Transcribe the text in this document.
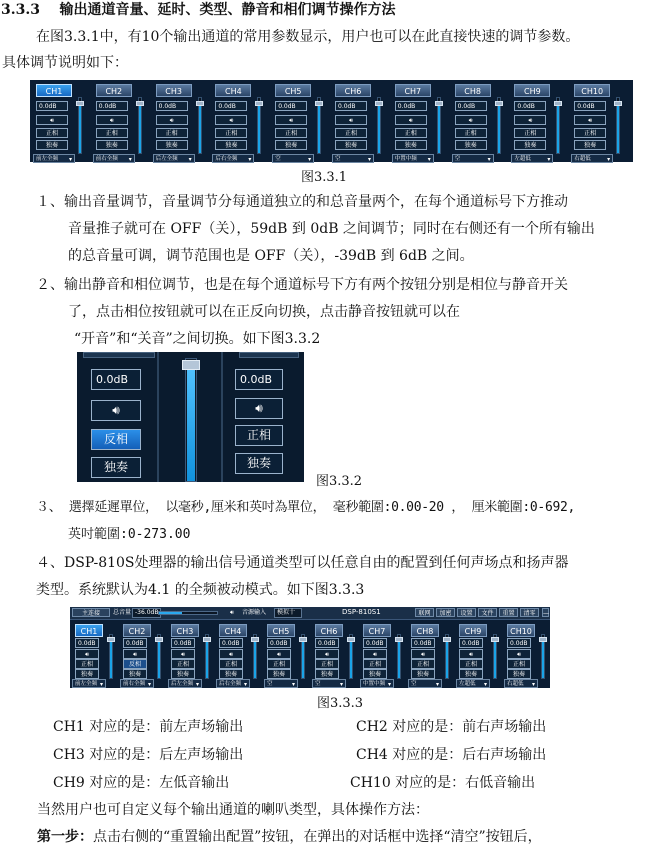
3.3.3 输出通道音量、延时、类型、静音和相们调节操作方法
在图3.3.1中，有10个输出通道的常用参数显示，用户也可以在此直接快速的调节参数。
具体调节说明如下：
CH1
0.0dB
🔊︎
正相
独奏
前左全频 ▾
CH2
0.0dB
🔊︎
正相
独奏
前右全频 ▾
CH3
0.0dB
🔊︎
正相
独奏
后左全频 ▾
CH4
0.0dB
🔊︎
正相
独奏
后右全频 ▾
CH5
0.0dB
🔊︎
正相
独奏
空 ▾
CH6
0.0dB
🔊︎
正相
独奏
空 ▾
CH7
0.0dB
🔊︎
正相
独奏
中置中频 ▾
CH8
0.0dB
🔊︎
正相
独奏
空 ▾
CH9
0.0dB
🔊︎
正相
独奏
左超低 ▾
CH10
0.0dB
🔊︎
正相
独奏
右超低 ▾
图3.3.1
１、输出音量调节，音量调节分每通道独立的和总音量两个，在每个通道标号下方推动
音量推子就可在 OFF（关），59dB 到 0dB 之间调节；同时在右侧还有一个所有输出
的总音量可调，调节范围也是 OFF（关），-39dB 到 6dB 之间。
２、输出静音和相位调节，也是在每个通道标号下方有两个按钮分别是相位与静音开关
了，点击相位按钮就可以在正反向切换，点击静音按钮就可以在
“开音”和“关音”之间切换。如下图3.3.2
0.0dB
🔊︎
反相
独奏
0.0dB
🔊︎
正相
独奏
图3.3.2
３、 選擇延遲單位， 以毫秒,厘米和英吋為單位， 毫秒範圍:0.00-20 ， 厘米範圍:0-692,
英吋範圍:0-273.00
４、DSP-810S处理器的输出信号通道类型可以任意自由的配置到任何声场点和扬声器
类型。系统默认为4.1 的全频被动模式。如下图3.3.3
主连接	总音量 -36.0dB	🔊︎ 音源输入	模拟十	DSP-810S1	联网	加密	设置	文件	重置	清零	—
CH1
0.0dB
🔊︎
正相
独奏
前左全频 ▾
CH2
0.0dB
🔊︎
反相
独奏
前右全频 ▾
CH3
0.0dB
🔊︎
正相
独奏
后左全频 ▾
CH4
0.0dB
🔊︎
正相
独奏
后右全频 ▾
CH5
0.0dB
🔊︎
正相
独奏
空 ▾
CH6
0.0dB
🔊︎
正相
独奏
空 ▾
CH7
0.0dB
🔊︎
正相
独奏
中置中频 ▾
CH8
0.0dB
🔊︎
正相
独奏
空 ▾
CH9
0.0dB
🔊︎
正相
独奏
左超低 ▾
CH10
0.0dB
🔊︎
正相
独奏
右超低 ▾
图3.3.3
CH1 对应的是：前左声场输出	CH2 对应的是：前右声场输出
CH3 对应的是：后左声场输出	CH4 对应的是：后右声场输出
CH9 对应的是：左低音输出	CH10 对应的是：右低音输出
当然用户也可自定义每个输出通道的喇叭类型，具体操作方法：
第一步：点击右侧的“重置输出配置”按钮，在弹出的对话框中选择“清空”按钮后，
